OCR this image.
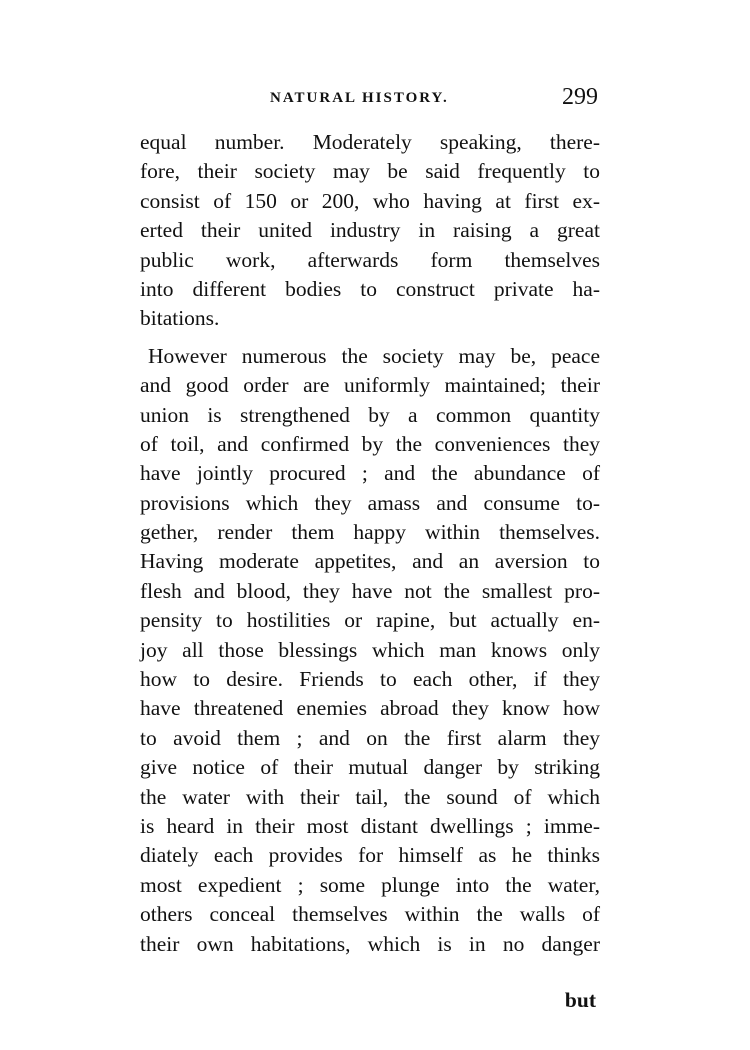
NATURAL HISTORY.	299
equal number. Moderately speaking, there-
fore, their society may be said frequently to
consist of 150 or 200, who having at first ex-
erted their united industry in raising a great
public work, afterwards form themselves
into different bodies to construct private ha-
bitations.
However numerous the society may be, peace
and good order are uniformly maintained; their
union is strengthened by a common quantity
of toil, and confirmed by the conveniences they
have jointly procured ; and the abundance of
provisions which they amass and consume to-
gether, render them happy within themselves.
Having moderate appetites, and an aversion to
flesh and blood, they have not the smallest pro-
pensity to hostilities or rapine, but actually en-
joy all those blessings which man knows only
how to desire. Friends to each other, if they
have threatened enemies abroad they know how
to avoid them ; and on the first alarm they
give notice of their mutual danger by striking
the water with their tail, the sound of which
is heard in their most distant dwellings ; imme-
diately each provides for himself as he thinks
most expedient ; some plunge into the water,
others conceal themselves within the walls of
their own habitations, which is in no danger
but
